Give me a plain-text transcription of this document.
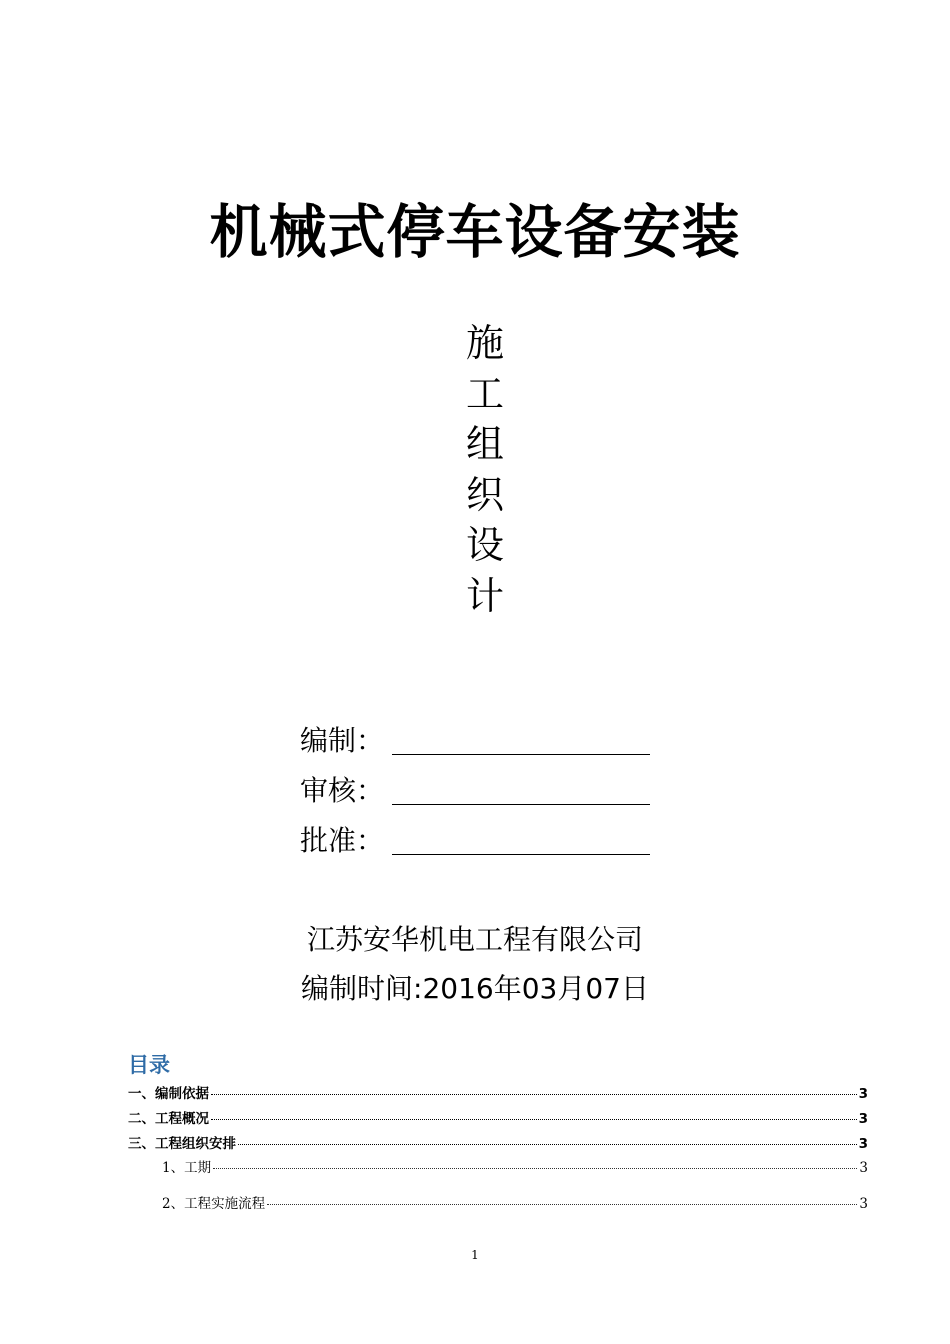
机械式停车设备安装
施
工
组
织
设
计
编制：
审核：
批准：
江苏安华机电工程有限公司
编制时间:2016年03月07日
目录
一、编制依据	3
二、工程概况	3
三、工程组织安排	3
1、工期	3
2、工程实施流程	3
1
